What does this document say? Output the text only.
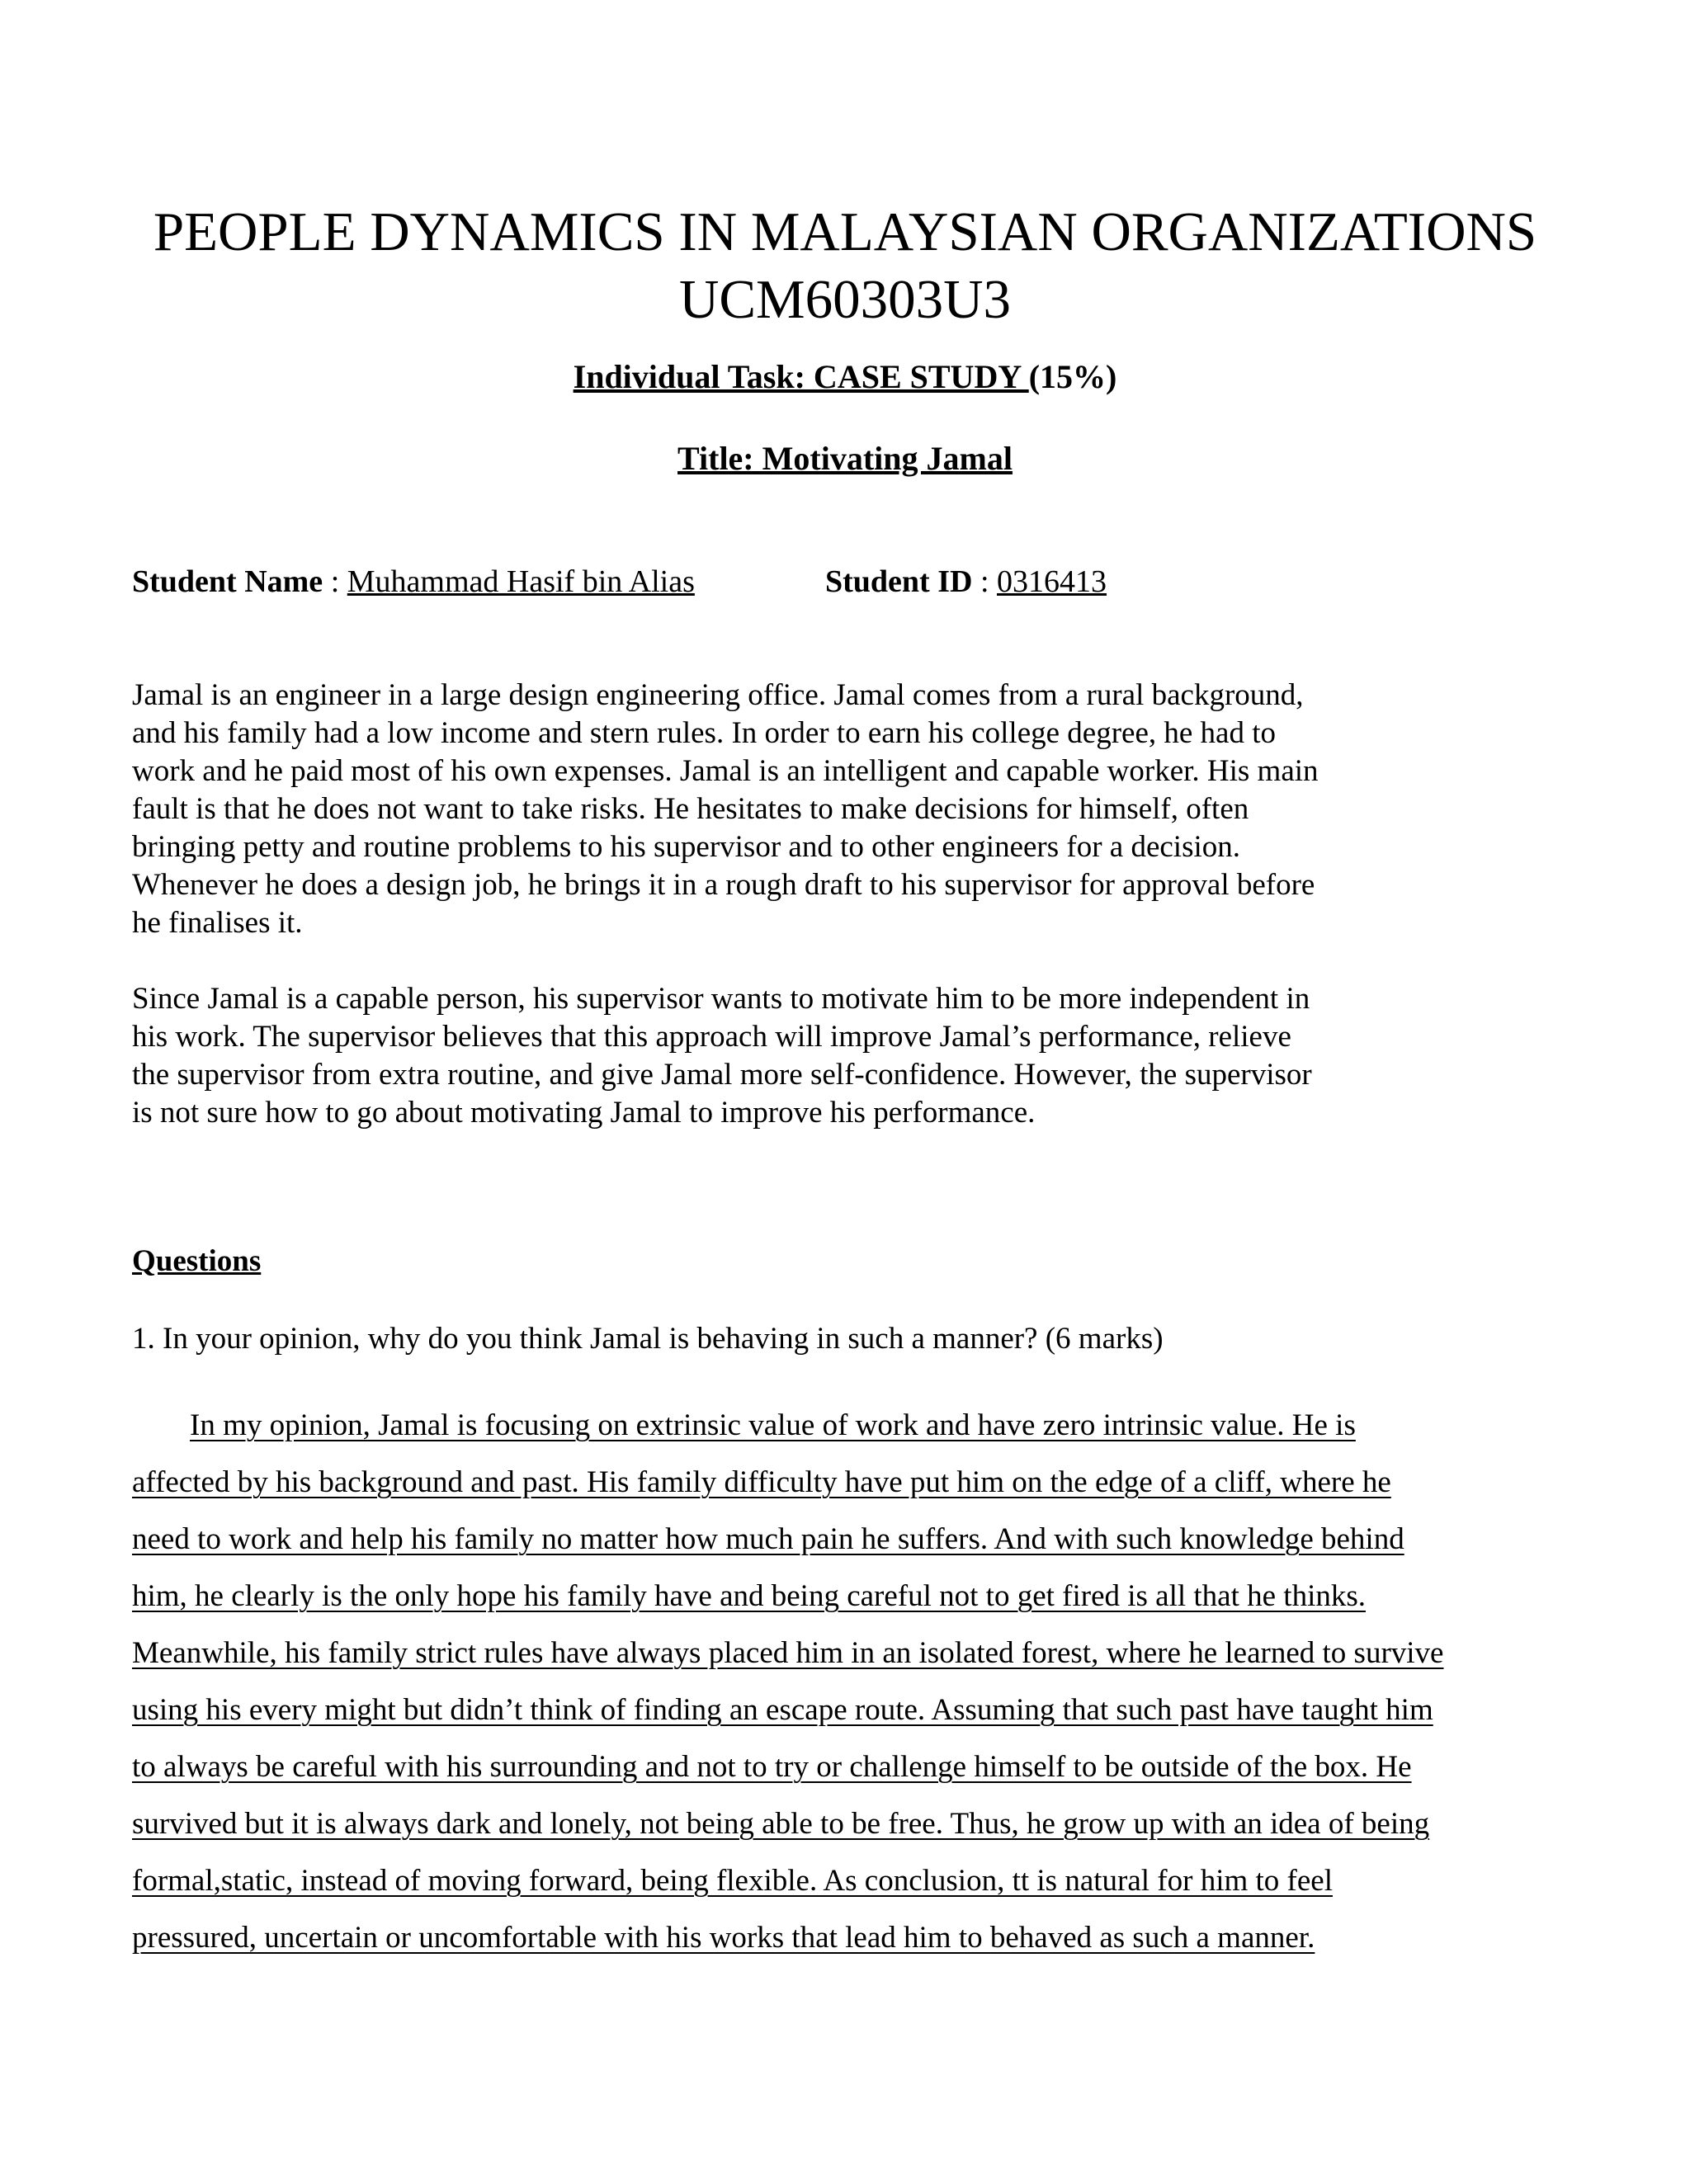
PEOPLE DYNAMICS IN MALAYSIAN ORGANIZATIONS
UCM60303U3
Individual Task: CASE STUDY (15%)
Title: Motivating Jamal
Student Name : Muhammad Hasif bin Alias	Student ID : 0316413

Jamal is an engineer in a large design engineering office. Jamal comes from a rural background,
and his family had a low income and stern rules. In order to earn his college degree, he had to
work and he paid most of his own expenses. Jamal is an intelligent and capable worker. His main
fault is that he does not want to take risks. He hesitates to make decisions for himself, often
bringing petty and routine problems to his supervisor and to other engineers for a decision.
Whenever he does a design job, he brings it in a rough draft to his supervisor for approval before
he finalises it.

Since Jamal is a capable person, his supervisor wants to motivate him to be more independent in
his work. The supervisor believes that this approach will improve Jamal’s performance, relieve
the supervisor from extra routine, and give Jamal more self-confidence. However, the supervisor
is not sure how to go about motivating Jamal to improve his performance.

Questions
1. In your opinion, why do you think Jamal is behaving in such a manner? (6 marks)
In my opinion, Jamal is focusing on extrinsic value of work and have zero intrinsic value. He is
affected by his background and past. His family difficulty have put him on the edge of a cliff, where he
need to work and help his family no matter how much pain he suffers. And with such knowledge behind
him, he clearly is the only hope his family have and being careful not to get fired is all that he thinks.
Meanwhile, his family strict rules have always placed him in an isolated forest, where he learned to survive
using his every might but didn’t think of finding an escape route. Assuming that such past have taught him
to always be careful with his surrounding and not to try or challenge himself to be outside of the box. He
survived but it is always dark and lonely, not being able to be free. Thus, he grow up with an idea of being
formal,static, instead of moving forward, being flexible. As conclusion, tt is natural for him to feel
pressured, uncertain or uncomfortable with his works that lead him to behaved as such a manner.
